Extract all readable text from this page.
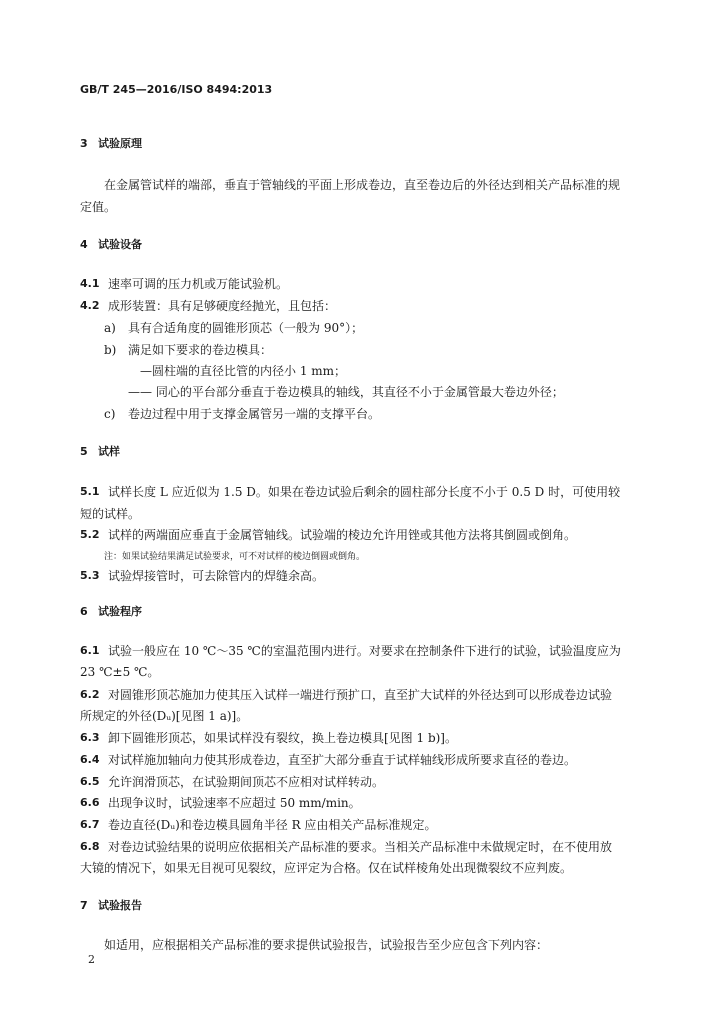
GB/T 245—2016/ISO 8494:2013
3 试验原理
在金属管试样的端部，垂直于管轴线的平面上形成卷边，直至卷边后的外径达到相关产品标准的规
定值。
4 试验设备
4.1 速率可调的压力机或万能试验机。
4.2 成形装置：具有足够硬度经抛光，且包括：
a) 具有合适角度的圆锥形顶芯（一般为 90°）；
b) 满足如下要求的卷边模具：
—圆柱端的直径比管的内径小 1 mm；
—— 同心的平台部分垂直于卷边模具的轴线，其直径不小于金属管最大卷边外径；
c) 卷边过程中用于支撑金属管另一端的支撑平台。
5 试样
5.1 试样长度 L 应近似为 1.5 D。如果在卷边试验后剩余的圆柱部分长度不小于 0.5 D 时，可使用较
短的试样。
5.2 试样的两端面应垂直于金属管轴线。试验端的棱边允许用锉或其他方法将其倒圆或倒角。
注：如果试验结果满足试验要求，可不对试样的棱边倒圆或倒角。
5.3 试验焊接管时，可去除管内的焊缝余高。
6 试验程序
6.1 试验一般应在 10 ℃～35 ℃的室温范围内进行。对要求在控制条件下进行的试验，试验温度应为
23 ℃±5 ℃。
6.2 对圆锥形顶芯施加力使其压入试样一端进行预扩口，直至扩大试样的外径达到可以形成卷边试验
所规定的外径(Dᵤ)[见图 1 a)]。
6.3 卸下圆锥形顶芯，如果试样没有裂纹，换上卷边模具[见图 1 b)]。
6.4 对试样施加轴向力使其形成卷边，直至扩大部分垂直于试样轴线形成所要求直径的卷边。
6.5 允许润滑顶芯，在试验期间顶芯不应相对试样转动。
6.6 出现争议时，试验速率不应超过 50 mm/min。
6.7 卷边直径(Dᵤ)和卷边模具圆角半径 R 应由相关产品标准规定。
6.8 对卷边试验结果的说明应依据相关产品标准的要求。当相关产品标准中未做规定时，在不使用放
大镜的情况下，如果无目视可见裂纹，应评定为合格。仅在试样棱角处出现微裂纹不应判废。
7 试验报告
如适用，应根据相关产品标准的要求提供试验报告，试验报告至少应包含下列内容：
2
